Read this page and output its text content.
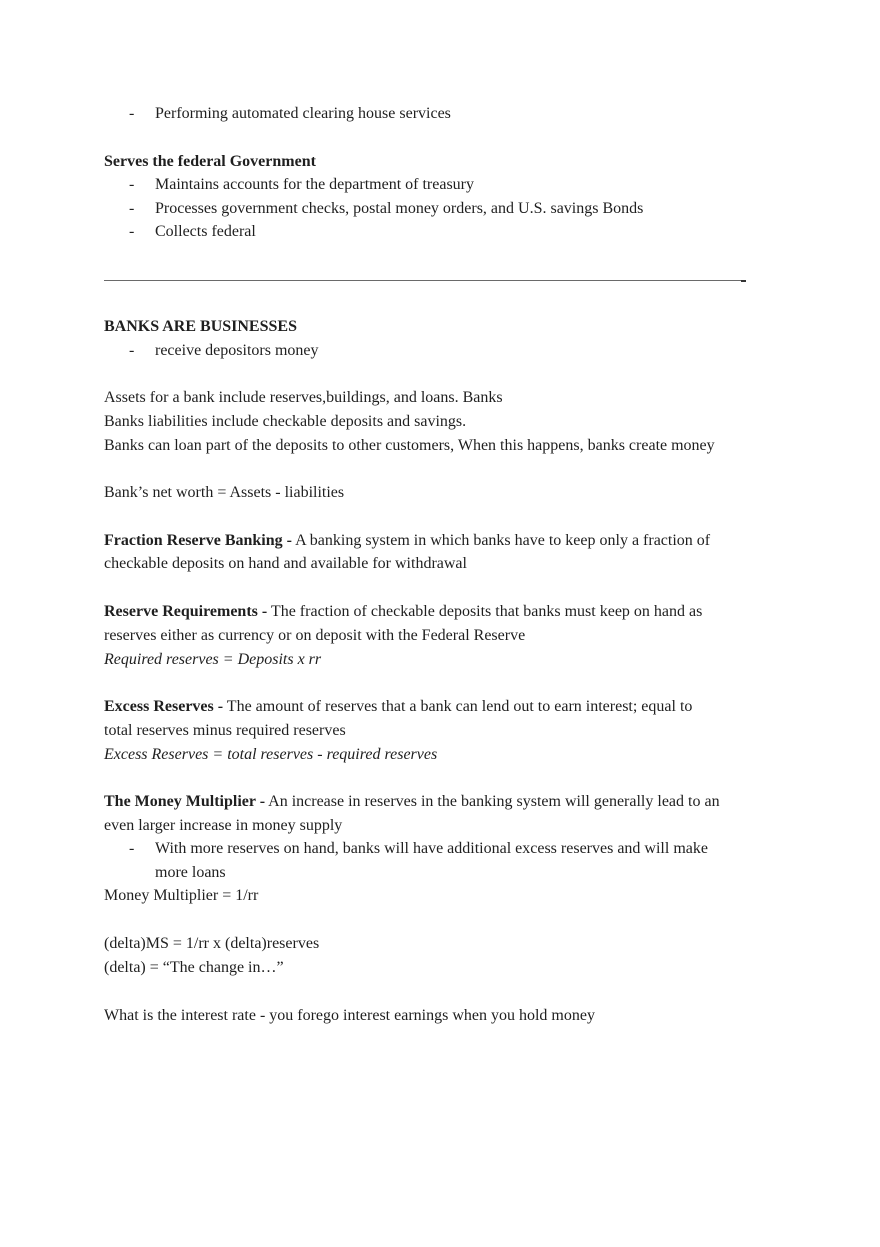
- Performing automated clearing house services
Serves the federal Government
- Maintains accounts for the department of treasury
- Processes government checks, postal money orders, and U.S. savings Bonds
- Collects federal
BANKS ARE BUSINESSES
- receive depositors money
Assets for a bank include reserves,buildings, and loans. Banks
Banks liabilities include checkable deposits and savings.
Banks can loan part of the deposits to other customers, When this happens, banks create money
Bank’s net worth = Assets - liabilities
Fraction Reserve Banking - A banking system in which banks have to keep only a fraction of
checkable deposits on hand and available for withdrawal
Reserve Requirements - The fraction of checkable deposits that banks must keep on hand as
reserves either as currency or on deposit with the Federal Reserve
Required reserves = Deposits x rr
Excess Reserves - The amount of reserves that a bank can lend out to earn interest; equal to
total reserves minus required reserves
Excess Reserves = total reserves - required reserves
The Money Multiplier - An increase in reserves in the banking system will generally lead to an
even larger increase in money supply
- With more reserves on hand, banks will have additional excess reserves and will make
more loans
Money Multiplier = 1/rr
(delta)MS = 1/rr x (delta)reserves
(delta) = “The change in…”
What is the interest rate - you forego interest earnings when you hold money
